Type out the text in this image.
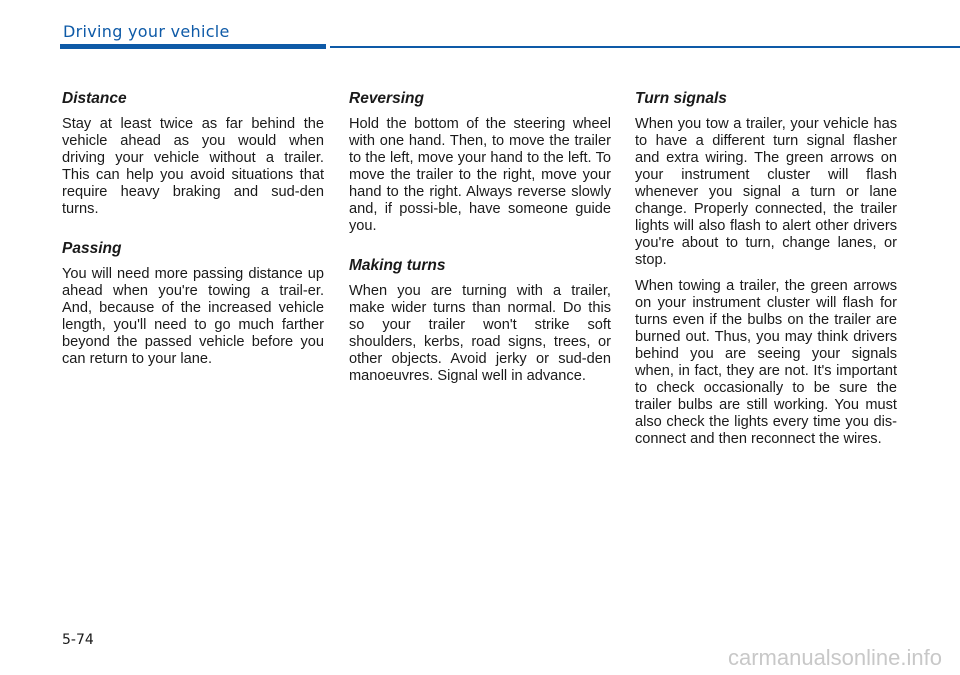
Driving your vehicle
Distance

Stay at least twice as far behind the vehicle ahead as you would when driving your vehicle without a trailer. This can help you avoid situations that require heavy braking and sud-den turns.

Passing

You will need more passing distance up ahead when you're towing a trail-er. And, because of the increased vehicle length, you'll need to go much farther beyond the passed vehicle before you can return to your lane.

Reversing

Hold the bottom of the steering wheel with one hand. Then, to move the trailer to the left, move your hand to the left. To move the trailer to the right, move your hand to the right. Always reverse slowly and, if possi-ble, have someone guide you.

Making turns

When you are turning with a trailer, make wider turns than normal. Do this so your trailer won't strike soft shoulders, kerbs, road signs, trees, or other objects. Avoid jerky or sud-den manoeuvres. Signal well in advance.

Turn signals

When you tow a trailer, your vehicle has to have a different turn signal flasher and extra wiring. The green arrows on your instrument cluster will flash whenever you signal a turn or lane change. Properly connected, the trailer lights will also flash to alert other drivers you're about to turn, change lanes, or stop.

When towing a trailer, the green arrows on your instrument cluster will flash for turns even if the bulbs on the trailer are burned out. Thus, you may think drivers behind you are seeing your signals when, in fact, they are not. It's important to check occasionally to be sure the trailer bulbs are still working. You must also check the lights every time you dis-connect and then reconnect the wires.

5-74
carmanualsonline.info
